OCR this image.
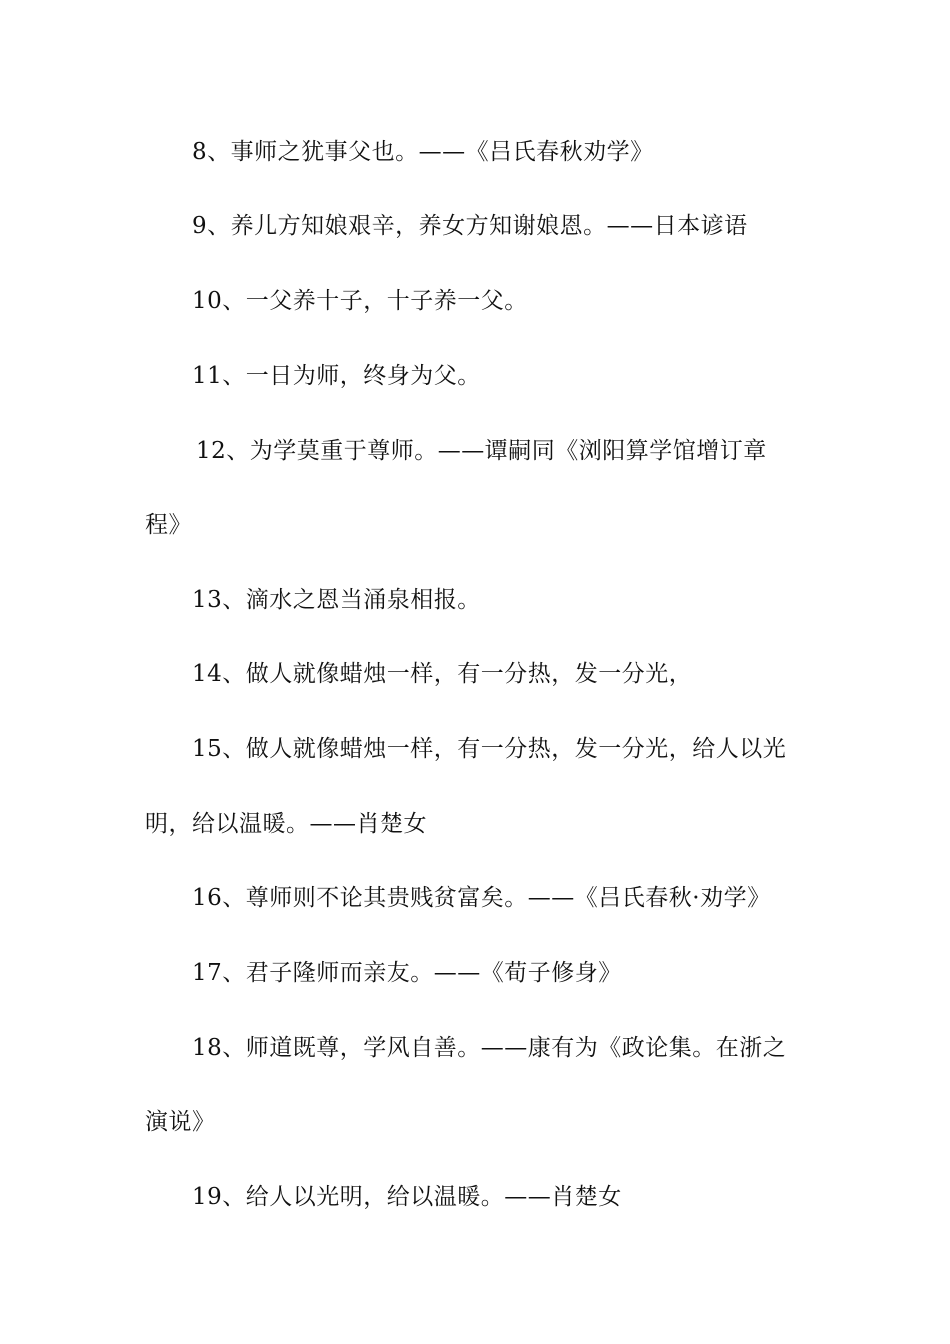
8、事师之犹事父也。——《吕氏春秋劝学》
9、养儿方知娘艰辛，养女方知谢娘恩。——日本谚语
10、一父养十子，十子养一父。
11、一日为师，终身为父。
12、为学莫重于尊师。——谭嗣同《浏阳算学馆增订章
程》
13、滴水之恩当涌泉相报。
14、做人就像蜡烛一样，有一分热，发一分光，
15、做人就像蜡烛一样，有一分热，发一分光，给人以光
明，给以温暖。——肖楚女
16、尊师则不论其贵贱贫富矣。——《吕氏春秋·劝学》
17、君子隆师而亲友。——《荀子修身》
18、师道既尊，学风自善。——康有为《政论集。在浙之
演说》
19、给人以光明，给以温暖。——肖楚女
